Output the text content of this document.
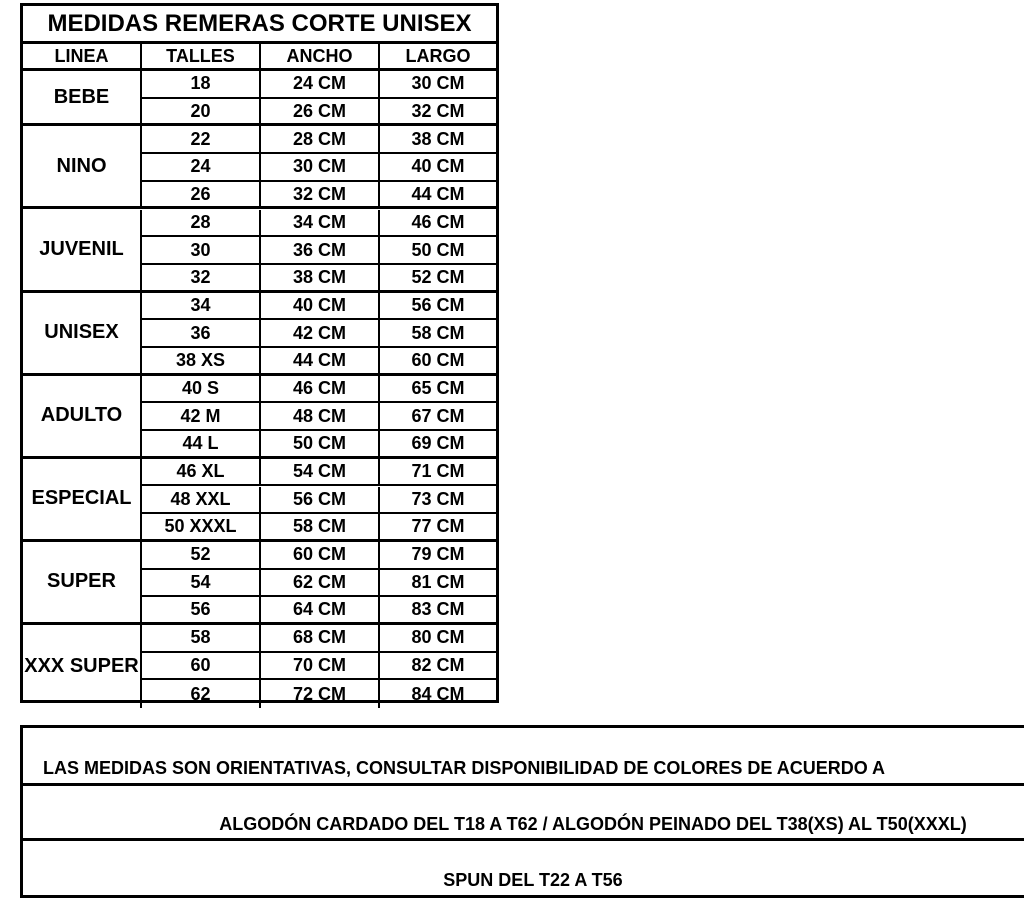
MEDIDAS REMERAS CORTE UNISEX
LINEA	TALLES	ANCHO	LARGO
BEBE
18	24 CM	30 CM
20	26 CM	32 CM
NINO
22	28 CM	38 CM
24	30 CM	40 CM
26	32 CM	44 CM
JUVENIL
28	34 CM	46 CM
30	36 CM	50 CM
32	38 CM	52 CM
UNISEX
34	40 CM	56 CM
36	42 CM	58 CM
38 XS	44 CM	60 CM
ADULTO
40 S	46 CM	65 CM
42 M	48 CM	67 CM
44 L	50 CM	69 CM
ESPECIAL
46 XL	54 CM	71 CM
48 XXL	56 CM	73 CM
50 XXXL	58 CM	77 CM
SUPER
52	60 CM	79 CM
54	62 CM	81 CM
56	64 CM	83 CM
XXX SUPER
58	68 CM	80 CM
60	70 CM	82 CM
62	72 CM	84 CM
LAS MEDIDAS SON ORIENTATIVAS, CONSULTAR DISPONIBILIDAD DE COLORES DE ACUERDO A
ALGODÓN CARDADO DEL T18 A T62 / ALGODÓN PEINADO DEL T38(XS) AL T50(XXXL)
SPUN DEL T22 A T56
